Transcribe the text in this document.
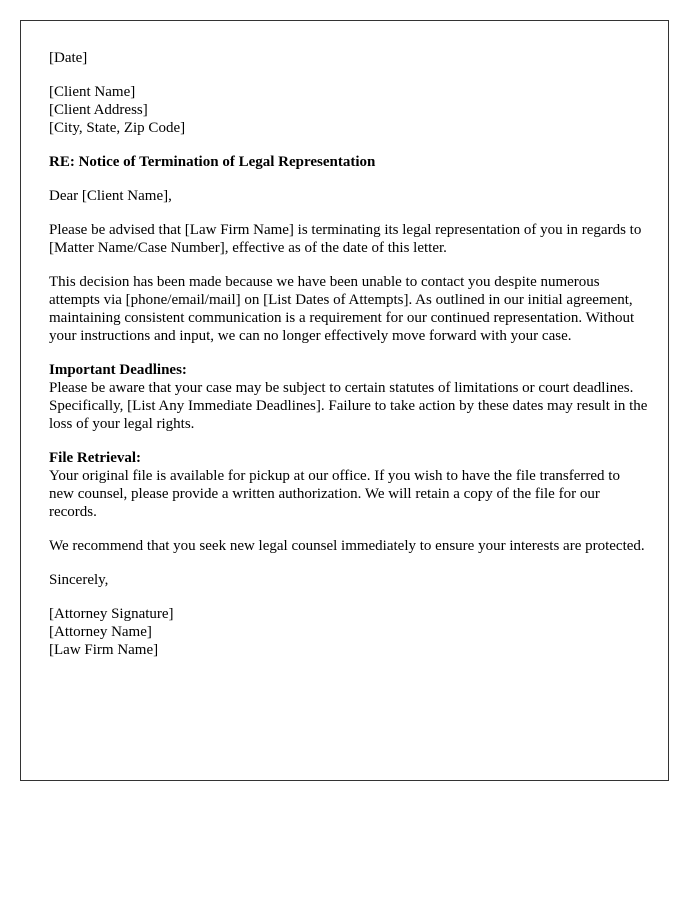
[Date]

[Client Name]
[Client Address]
[City, State, Zip Code]

RE: Notice of Termination of Legal Representation

Dear [Client Name],

Please be advised that [Law Firm Name] is terminating its legal representation of you in regards to [Matter Name/Case Number], effective as of the date of this letter.

This decision has been made because we have been unable to contact you despite numerous attempts via [phone/email/mail] on [List Dates of Attempts]. As outlined in our initial agreement, maintaining consistent communication is a requirement for our continued representation. Without your instructions and input, we can no longer effectively move forward with your case.

Important Deadlines:
Please be aware that your case may be subject to certain statutes of limitations or court deadlines. Specifically, [List Any Immediate Deadlines]. Failure to take action by these dates may result in the loss of your legal rights.

File Retrieval:
Your original file is available for pickup at our office. If you wish to have the file transferred to new counsel, please provide a written authorization. We will retain a copy of the file for our records.

We recommend that you seek new legal counsel immediately to ensure your interests are protected.

Sincerely,

[Attorney Signature]
[Attorney Name]
[Law Firm Name]
